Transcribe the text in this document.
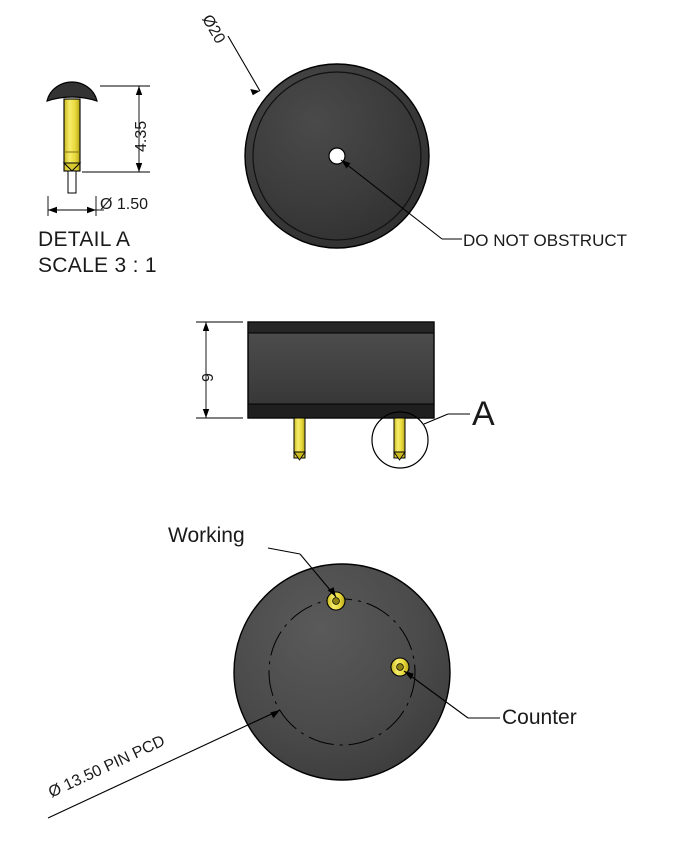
Ø20
DO NOT OBSTRUCT
4.35
Ø 1.50
DETAIL A
SCALE 3 : 1
9
A
Working
Counter
Ø 13.50 PIN PCD
